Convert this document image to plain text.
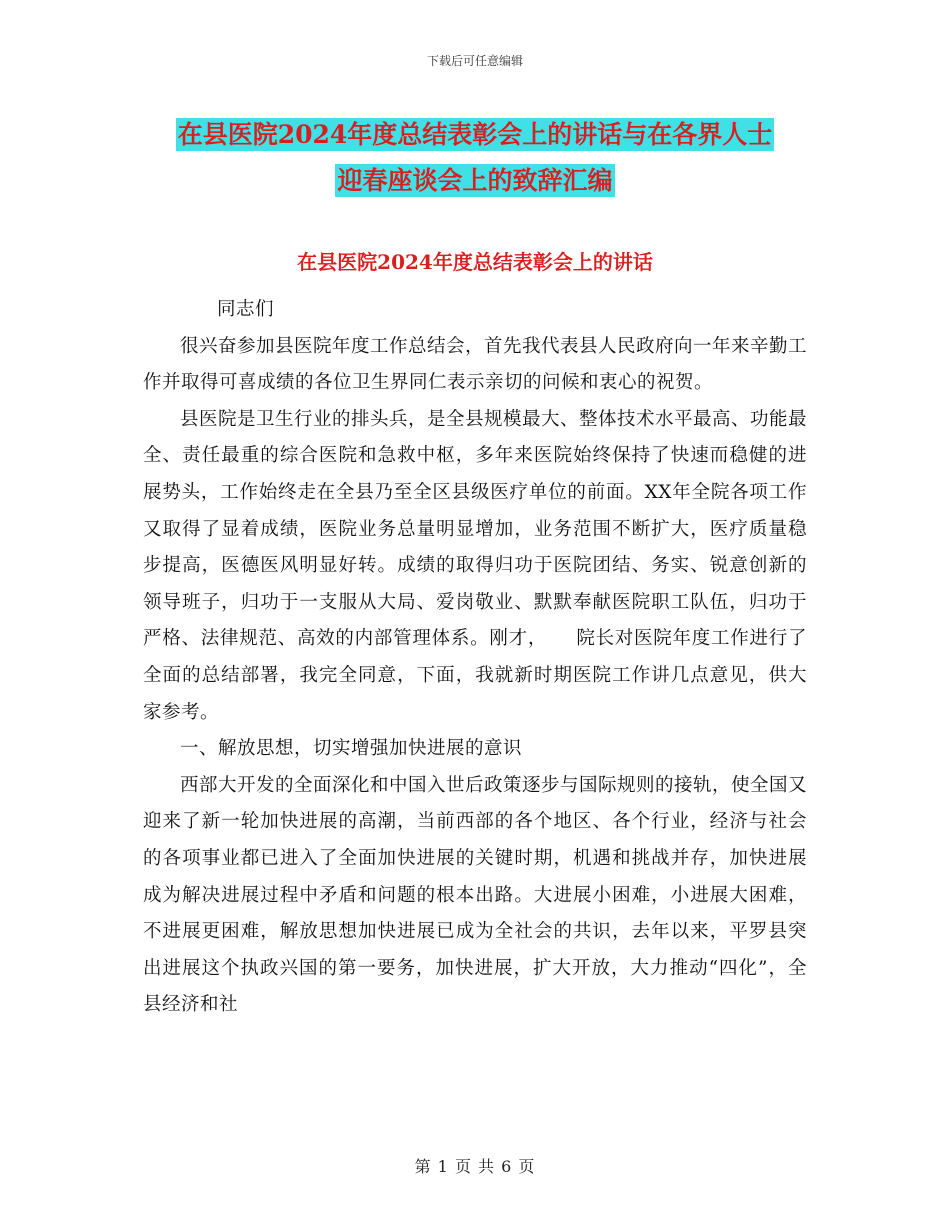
下载后可任意编辑
在县医院2024年度总结表彰会上的讲话与在各界人士
迎春座谈会上的致辞汇编
在县医院2024年度总结表彰会上的讲话

同志们

很兴奋参加县医院年度工作总结会，首先我代表县人民政府向一年来辛勤工作并取得可喜成绩的各位卫生界同仁表示亲切的问候和衷心的祝贺。

县医院是卫生行业的排头兵，是全县规模最大、整体技术水平最高、功能最全、责任最重的综合医院和急救中枢，多年来医院始终保持了快速而稳健的进展势头，工作始终走在全县乃至全区县级医疗单位的前面。XX年全院各项工作又取得了显着成绩，医院业务总量明显增加，业务范围不断扩大，医疗质量稳步提高，医德医风明显好转。成绩的取得归功于医院团结、务实、锐意创新的领导班子，归功于一支服从大局、爱岗敬业、默默奉献医院职工队伍，归功于严格、法律规范、高效的内部管理体系。刚才，　　院长对医院年度工作进行了全面的总结部署，我完全同意，下面，我就新时期医院工作讲几点意见，供大家参考。

一、解放思想，切实增强加快进展的意识

西部大开发的全面深化和中国入世后政策逐步与国际规则的接轨，使全国又迎来了新一轮加快进展的高潮，当前西部的各个地区、各个行业，经济与社会的各项事业都已进入了全面加快进展的关键时期，机遇和挑战并存，加快进展成为解决进展过程中矛盾和问题的根本出路。大进展小困难，小进展大困难，不进展更困难，解放思想加快进展已成为全社会的共识，去年以来，平罗县突出进展这个执政兴国的第一要务，加快进展，扩大开放，大力推动“四化”，全县经济和社

第 1 页 共 6 页
